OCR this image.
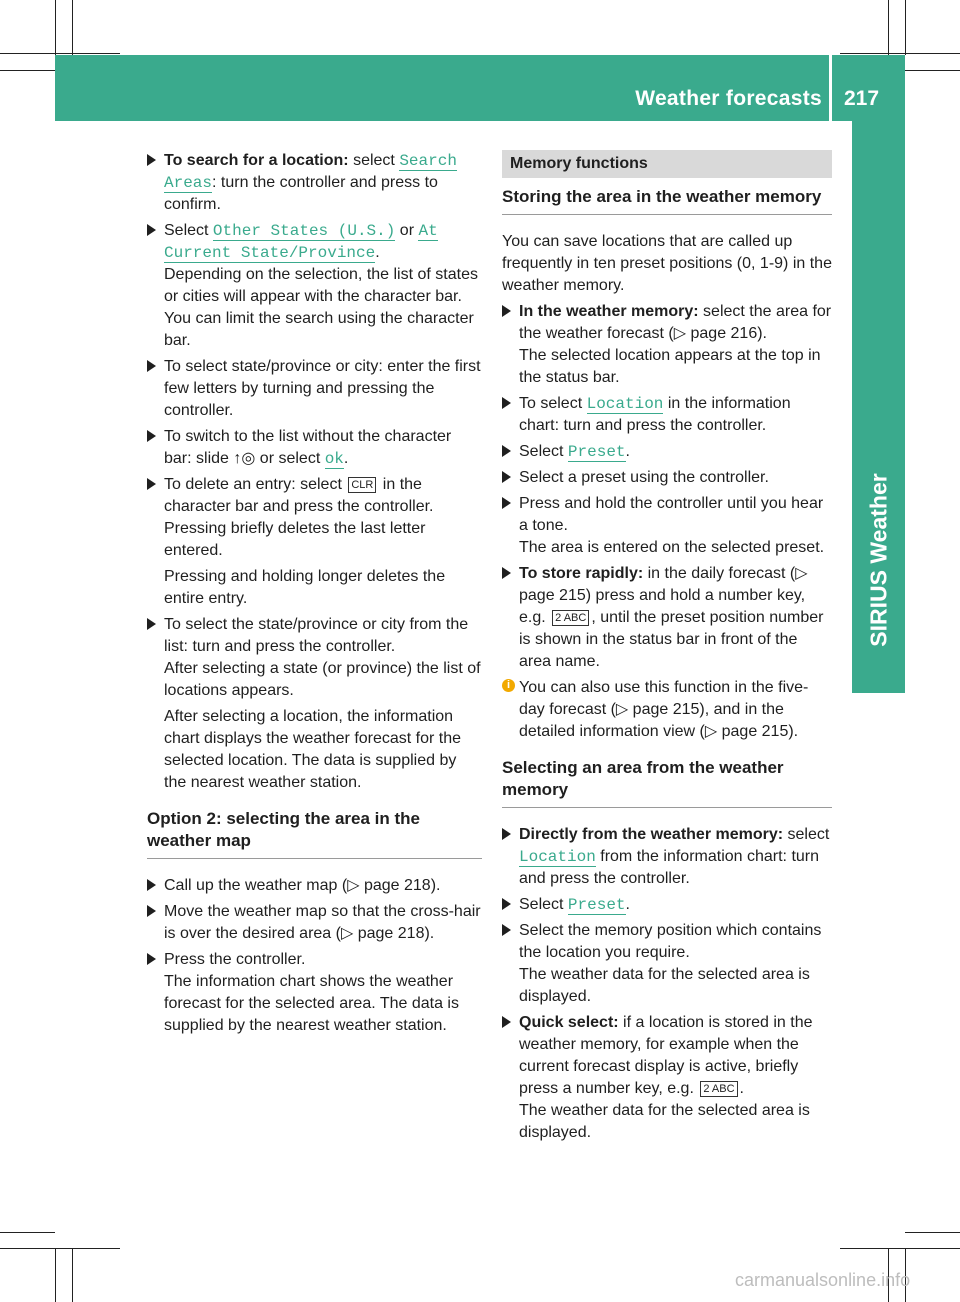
Weather forecasts 217
SIRIUS Weather
To search for a location: select Search Areas: turn the controller and press to confirm.
Select Other States (U.S.) or At Current State/Province.
Depending on the selection, the list of states or cities will appear with the character bar. You can limit the search using the character bar.
To select state/province or city: enter the first few letters by turning and pressing the controller.
To switch to the list without the character bar: slide ↑◎ or select ok.
To delete an entry: select CLR in the character bar and press the controller.

Pressing briefly deletes the last letter entered.

Pressing and holding longer deletes the entire entry.

To select the state/province or city from the list: turn and press the controller.

After selecting a state (or province) the list of locations appears.

After selecting a location, the information chart displays the weather forecast for the selected location. The data is supplied by the nearest weather station.

Option 2: selecting the area in the weather map
Call up the weather map (▷ page 218).
Move the weather map so that the cross-hair is over the desired area (▷ page 218).
Press the controller.
The information chart shows the weather forecast for the selected area. The data is supplied by the nearest weather station.
Memory functions
Storing the area in the weather memory

You can save locations that are called up frequently in ten preset positions (0, 1-9) in the weather memory.

In the weather memory: select the area for the weather forecast (▷ page 216).
The selected location appears at the top in the status bar.
To select Location in the information chart: turn and press the controller.
Select Preset.
Select a preset using the controller.
Press and hold the controller until you hear a tone.
The area is entered on the selected preset.
To store rapidly: in the daily forecast (▷ page 215) press and hold a number key, e.g. 2 ABC , until the preset position number is shown in the status bar in front of the area name.
i You can also use this function in the five-day forecast (▷ page 215), and in the detailed information view (▷ page 215).
Selecting an area from the weather memory
Directly from the weather memory: select Location from the information chart: turn and press the controller.
Select Preset.
Select the memory position which contains the location you require.
The weather data for the selected area is displayed.
Quick select: if a location is stored in the weather memory, for example when the current forecast display is active, briefly press a number key, e.g. 2 ABC .
The weather data for the selected area is displayed.
carmanualsonline.info
